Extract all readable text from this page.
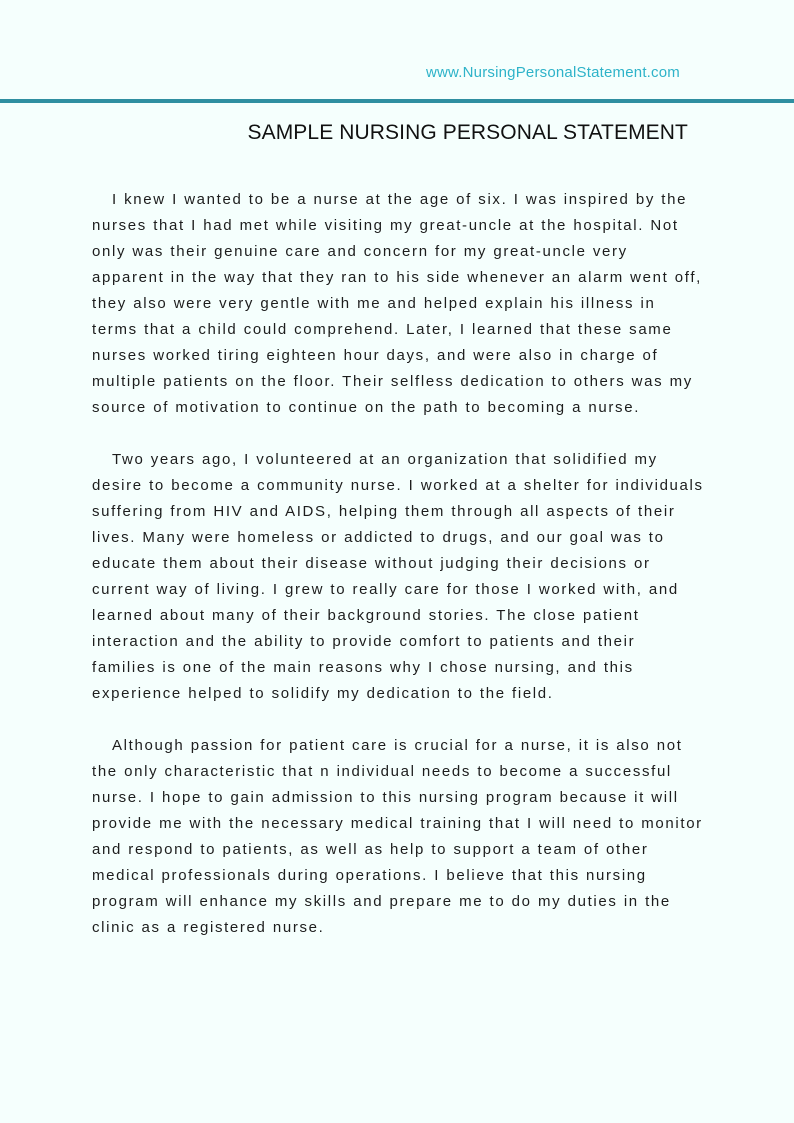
www.NursingPersonalStatement.com
SAMPLE NURSING PERSONAL STATEMENT

I knew I wanted to be a nurse at the age of six. I was inspired by the nurses that I had met while visiting my great-uncle at the hospital. Not only was their genuine care and concern for my great-uncle very apparent in the way that they ran to his side whenever an alarm went off, they also were very gentle with me and helped explain his illness in terms that a child could comprehend. Later, I learned that these same nurses worked tiring eighteen hour days, and were also in charge of multiple patients on the floor. Their selfless dedication to others was my source of motivation to continue on the path to becoming a nurse.

Two years ago, I volunteered at an organization that solidified my desire to become a community nurse. I worked at a shelter for individuals suffering from HIV and AIDS, helping them through all aspects of their lives. Many were homeless or addicted to drugs, and our goal was to educate them about their disease without judging their decisions or current way of living. I grew to really care for those I worked with, and learned about many of their background stories. The close patient interaction and the ability to provide comfort to patients and their families is one of the main reasons why I chose nursing, and this experience helped to solidify my dedication to the field.

Although passion for patient care is crucial for a nurse, it is also not the only characteristic that n individual needs to become a successful nurse. I hope to gain admission to this nursing program because it will provide me with the necessary medical training that I will need to monitor and respond to patients, as well as help to support a team of other medical professionals during operations. I believe that this nursing program will enhance my skills and prepare me to do my duties in the clinic as a registered nurse.
